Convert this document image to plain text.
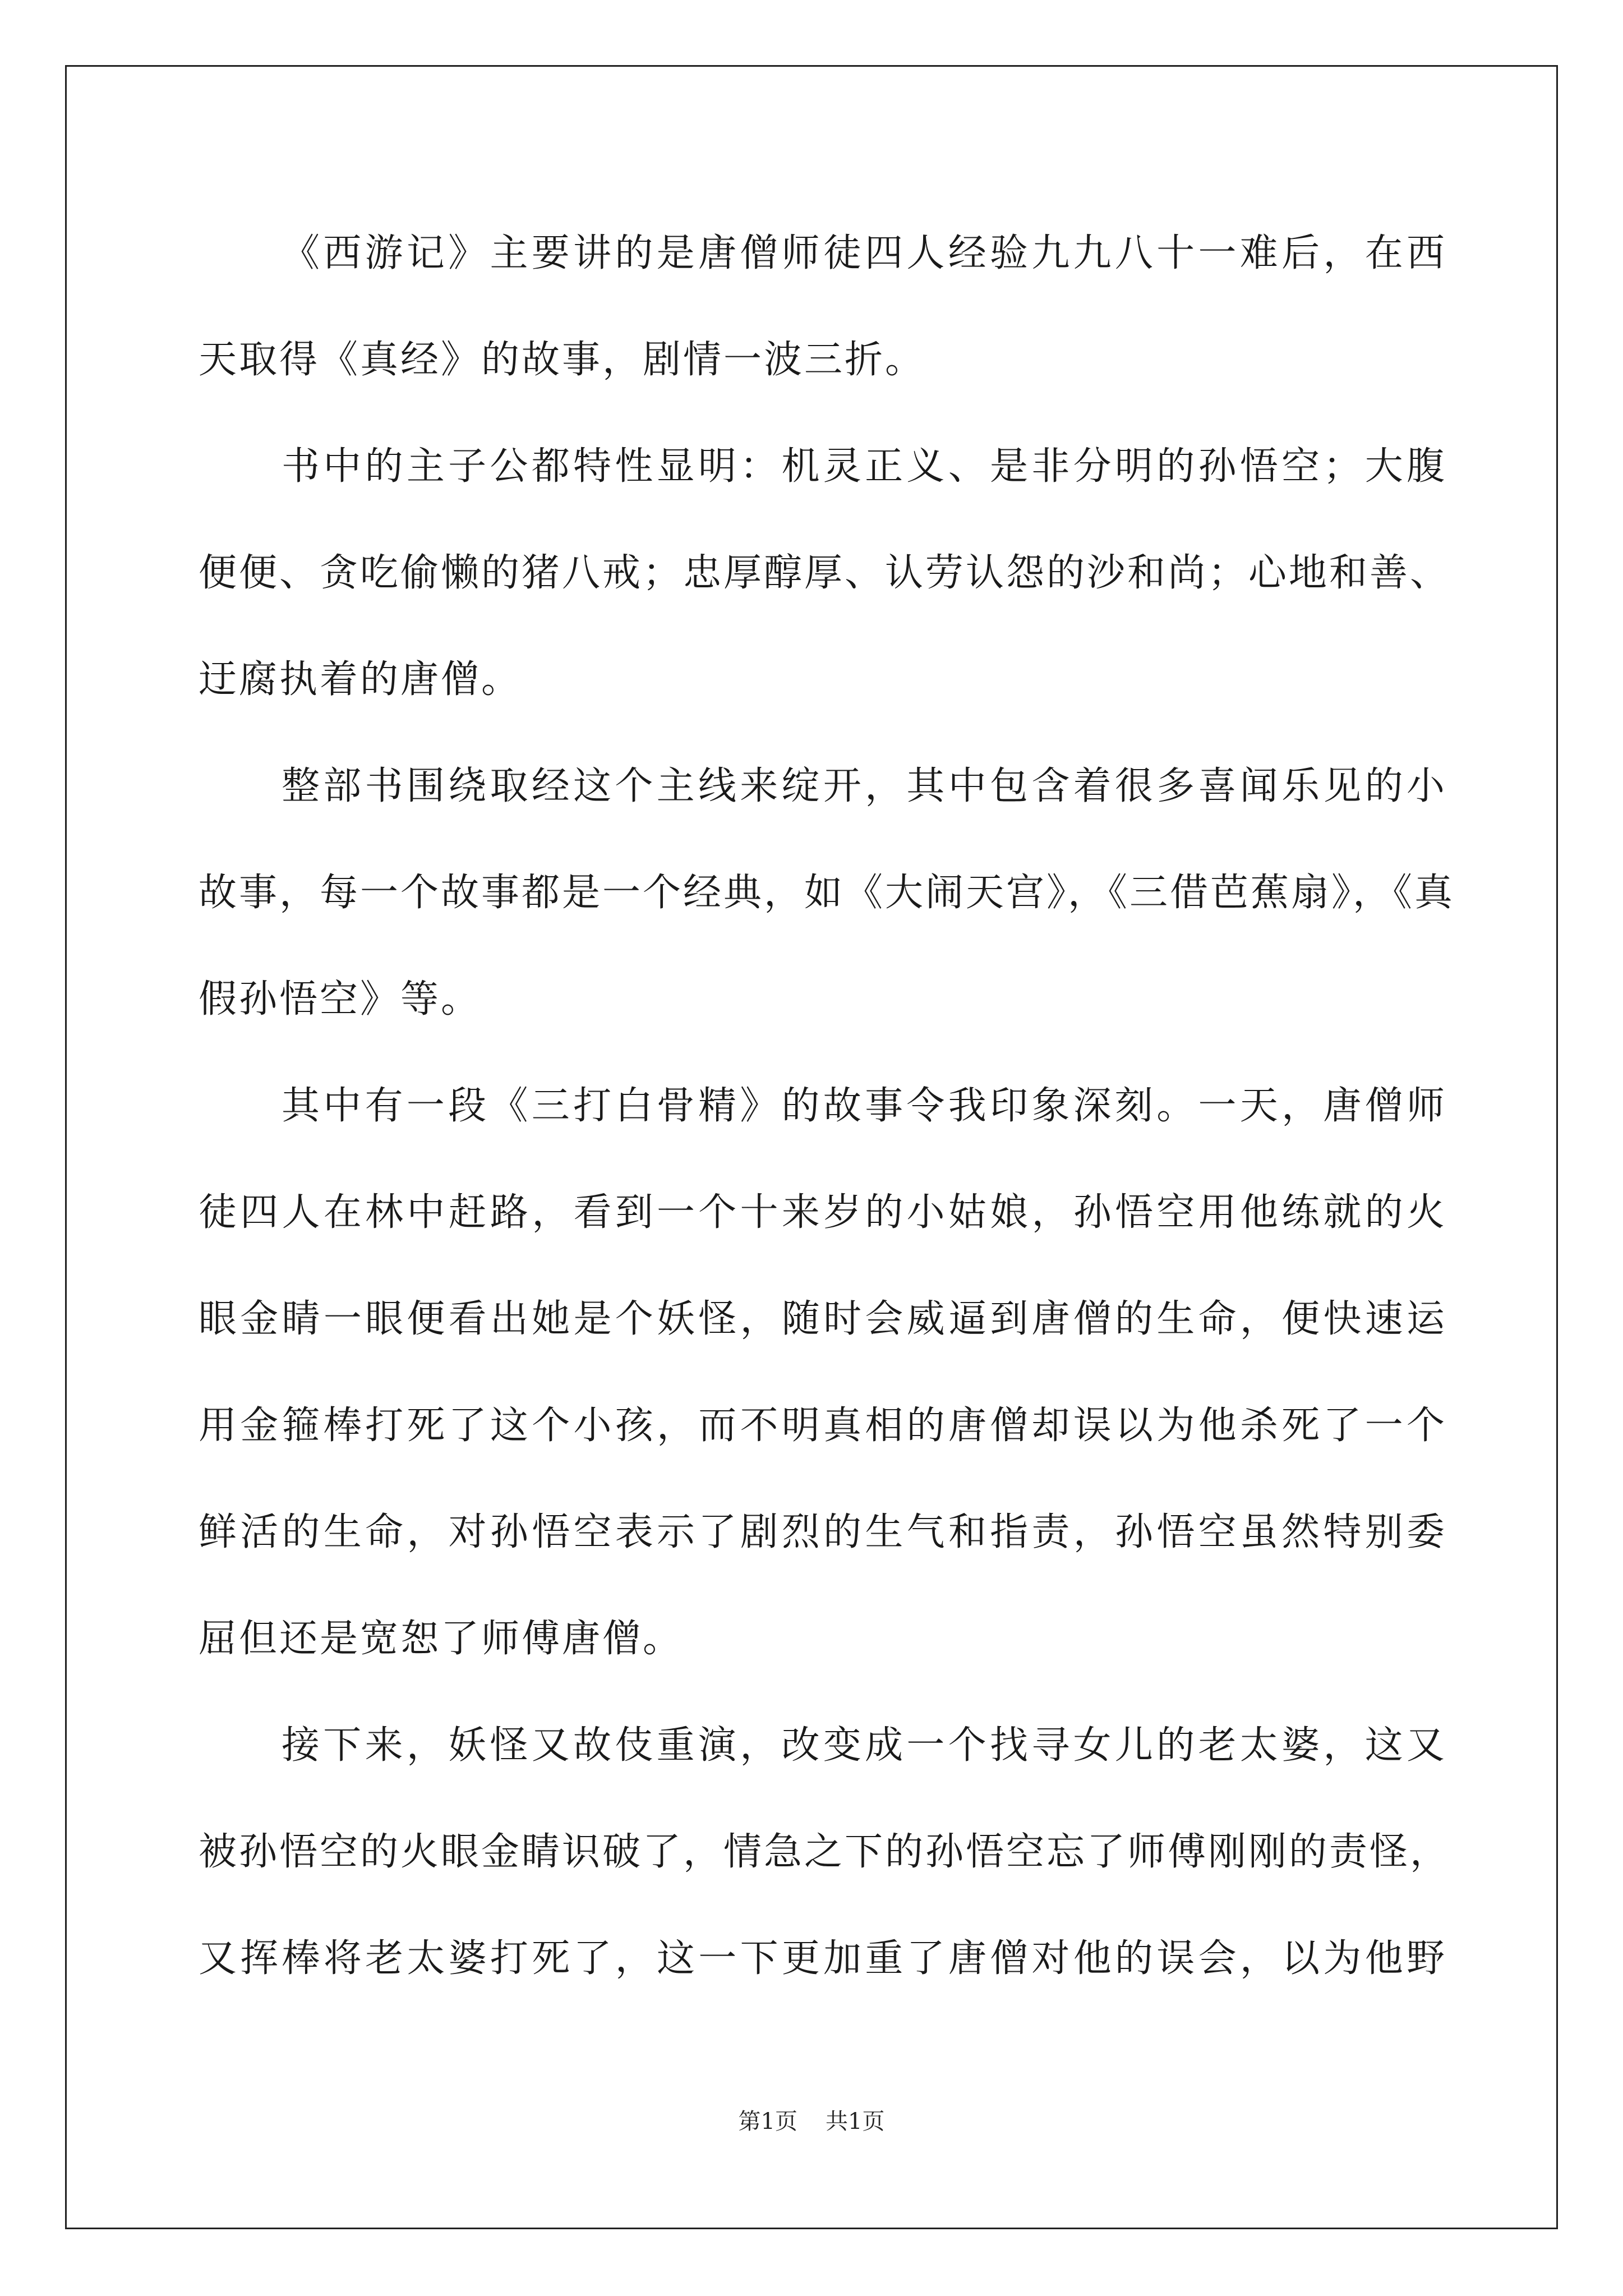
《西游记》主要讲的是唐僧师徒四人经验九九八十一难后，在西
天取得《真经》的故事，剧情一波三折。
书中的主子公都特性显明：机灵正义、是非分明的孙悟空；大腹
便便、贪吃偷懒的猪八戒；忠厚醇厚、认劳认怨的沙和尚；心地和善、
迂腐执着的唐僧。
整部书围绕取经这个主线来绽开，其中包含着很多喜闻乐见的小
故事，每一个故事都是一个经典，如《大闹天宫》，《三借芭蕉扇》，《真
假孙悟空》等。
其中有一段《三打白骨精》的故事令我印象深刻。一天，唐僧师
徒四人在林中赶路，看到一个十来岁的小姑娘，孙悟空用他练就的火
眼金睛一眼便看出她是个妖怪，随时会威逼到唐僧的生命，便快速运
用金箍棒打死了这个小孩，而不明真相的唐僧却误以为他杀死了一个
鲜活的生命，对孙悟空表示了剧烈的生气和指责，孙悟空虽然特别委
屈但还是宽恕了师傅唐僧。
接下来，妖怪又故伎重演，改变成一个找寻女儿的老太婆，这又
被孙悟空的火眼金睛识破了，情急之下的孙悟空忘了师傅刚刚的责怪，
又挥棒将老太婆打死了，这一下更加重了唐僧对他的误会，以为他野
第1页 共1页
